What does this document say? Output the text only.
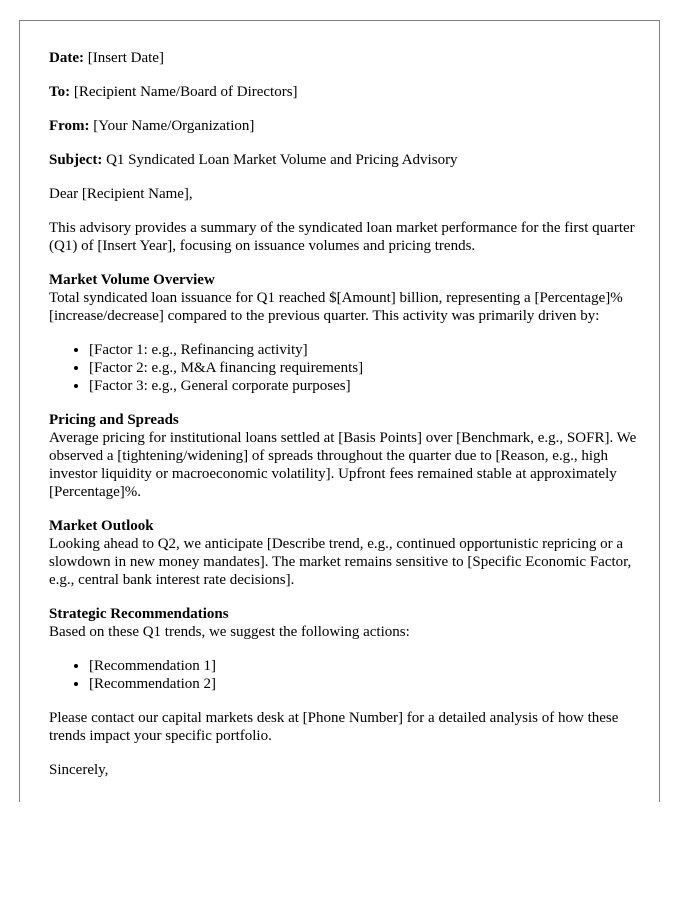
Date: [Insert Date]

To: [Recipient Name/Board of Directors]

From: [Your Name/Organization]

Subject: Q1 Syndicated Loan Market Volume and Pricing Advisory

Dear [Recipient Name],

This advisory provides a summary of the syndicated loan market performance for the first quarter (Q1) of [Insert Year], focusing on issuance volumes and pricing trends.

Market Volume Overview
Total syndicated loan issuance for Q1 reached $[Amount] billion, representing a [Percentage]% [increase/decrease] compared to the previous quarter. This activity was primarily driven by:

• [Factor 1: e.g., Refinancing activity]
• [Factor 2: e.g., M&A financing requirements]
• [Factor 3: e.g., General corporate purposes]

Pricing and Spreads
Average pricing for institutional loans settled at [Basis Points] over [Benchmark, e.g., SOFR]. We observed a [tightening/widening] of spreads throughout the quarter due to [Reason, e.g., high investor liquidity or macroeconomic volatility]. Upfront fees remained stable at approximately [Percentage]%.

Market Outlook
Looking ahead to Q2, we anticipate [Describe trend, e.g., continued opportunistic repricing or a slowdown in new money mandates]. The market remains sensitive to [Specific Economic Factor, e.g., central bank interest rate decisions].

Strategic Recommendations
Based on these Q1 trends, we suggest the following actions:

• [Recommendation 1]
• [Recommendation 2]

Please contact our capital markets desk at [Phone Number] for a detailed analysis of how these trends impact your specific portfolio.

Sincerely,
